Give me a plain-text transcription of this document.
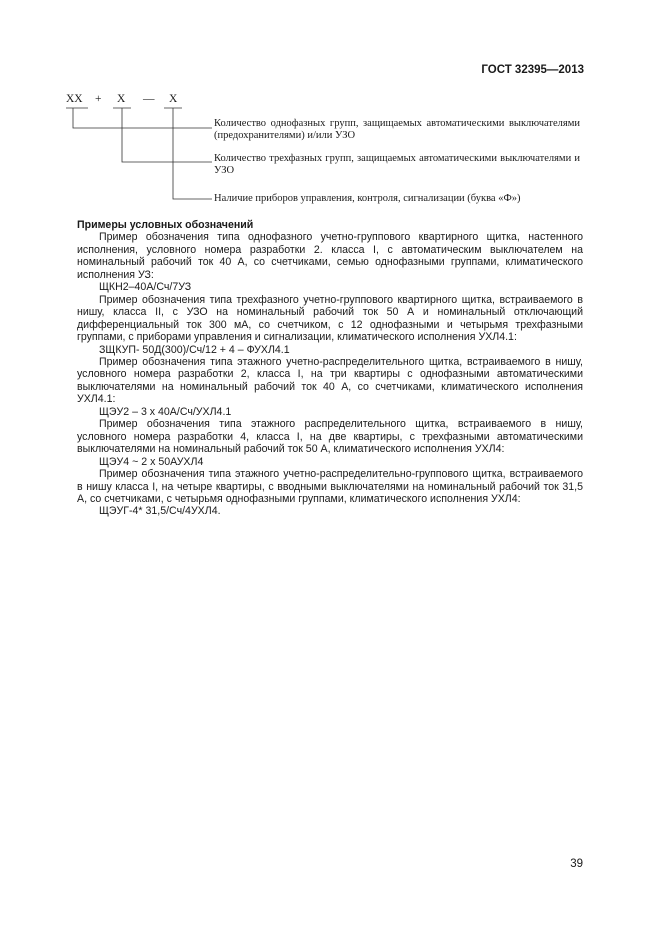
ГОСТ 32395—2013
ХХ + Х — Х
Количество однофазных групп, защищаемых автоматическими выключателями (предохранителями) и/или УЗО
Количество трехфазных групп, защищаемых автоматическими выключателями и УЗО
Наличие приборов управления, контроля, сигнализации (буква «Ф»)
Примеры условных обозначений

Пример обозначения типа однофазного учетно-группового квартирного щитка, настенного исполнения, условного номера разработки 2. класса I, с автоматическим выключателем на номинальный рабочий ток 40 А, со счетчиками, семью однофазными группами, климатического исполнения УЗ:

ЩКН2–40А/Сч/7УЗ

Пример обозначения типа трехфазного учетно-группового квартирного щитка, встраиваемого в нишу, класса II, с УЗО на номинальный рабочий ток 50 А и номинальный отключающий дифференциальный ток 300 мА, со счетчиком, с 12 однофазными и четырьмя трехфазными группами, с приборами управления и сигнализации, климатического исполнения УХЛ4.1:

ЗЩКУП- 50Д(300)/Сч/12 + 4 – ФУХЛ4.1

Пример обозначения типа этажного учетно-распределительного щитка, встраиваемого в нишу, условного номера разработки 2, класса I, на три квартиры с однофазными автоматическими выключателями на номинальный рабочий ток 40 А, со счетчиками, климатического исполнения УХЛ4.1:

ЩЭУ2 – 3 х 40А/Сч/УХЛ4.1

Пример обозначения типа этажного распределительного щитка, встраиваемого в нишу, условного номера разработки 4, класса I, на две квартиры, с трехфазными автоматическими выключателями на номинальный рабочий ток 50 А, климатического исполнения УХЛ4:

ЩЭУ4 ~ 2 х 50АУХЛ4

Пример обозначения типа этажного учетно-распределительно-группового щитка, встраиваемого в нишу класса I, на четыре квартиры, с вводными выключателями на номинальный рабочий ток 31,5 А, со счетчиками, с четырьмя однофазными группами, климатического исполнения УХЛ4:

ЩЭУГ-4* 31,5/Сч/4УХЛ4.

39
